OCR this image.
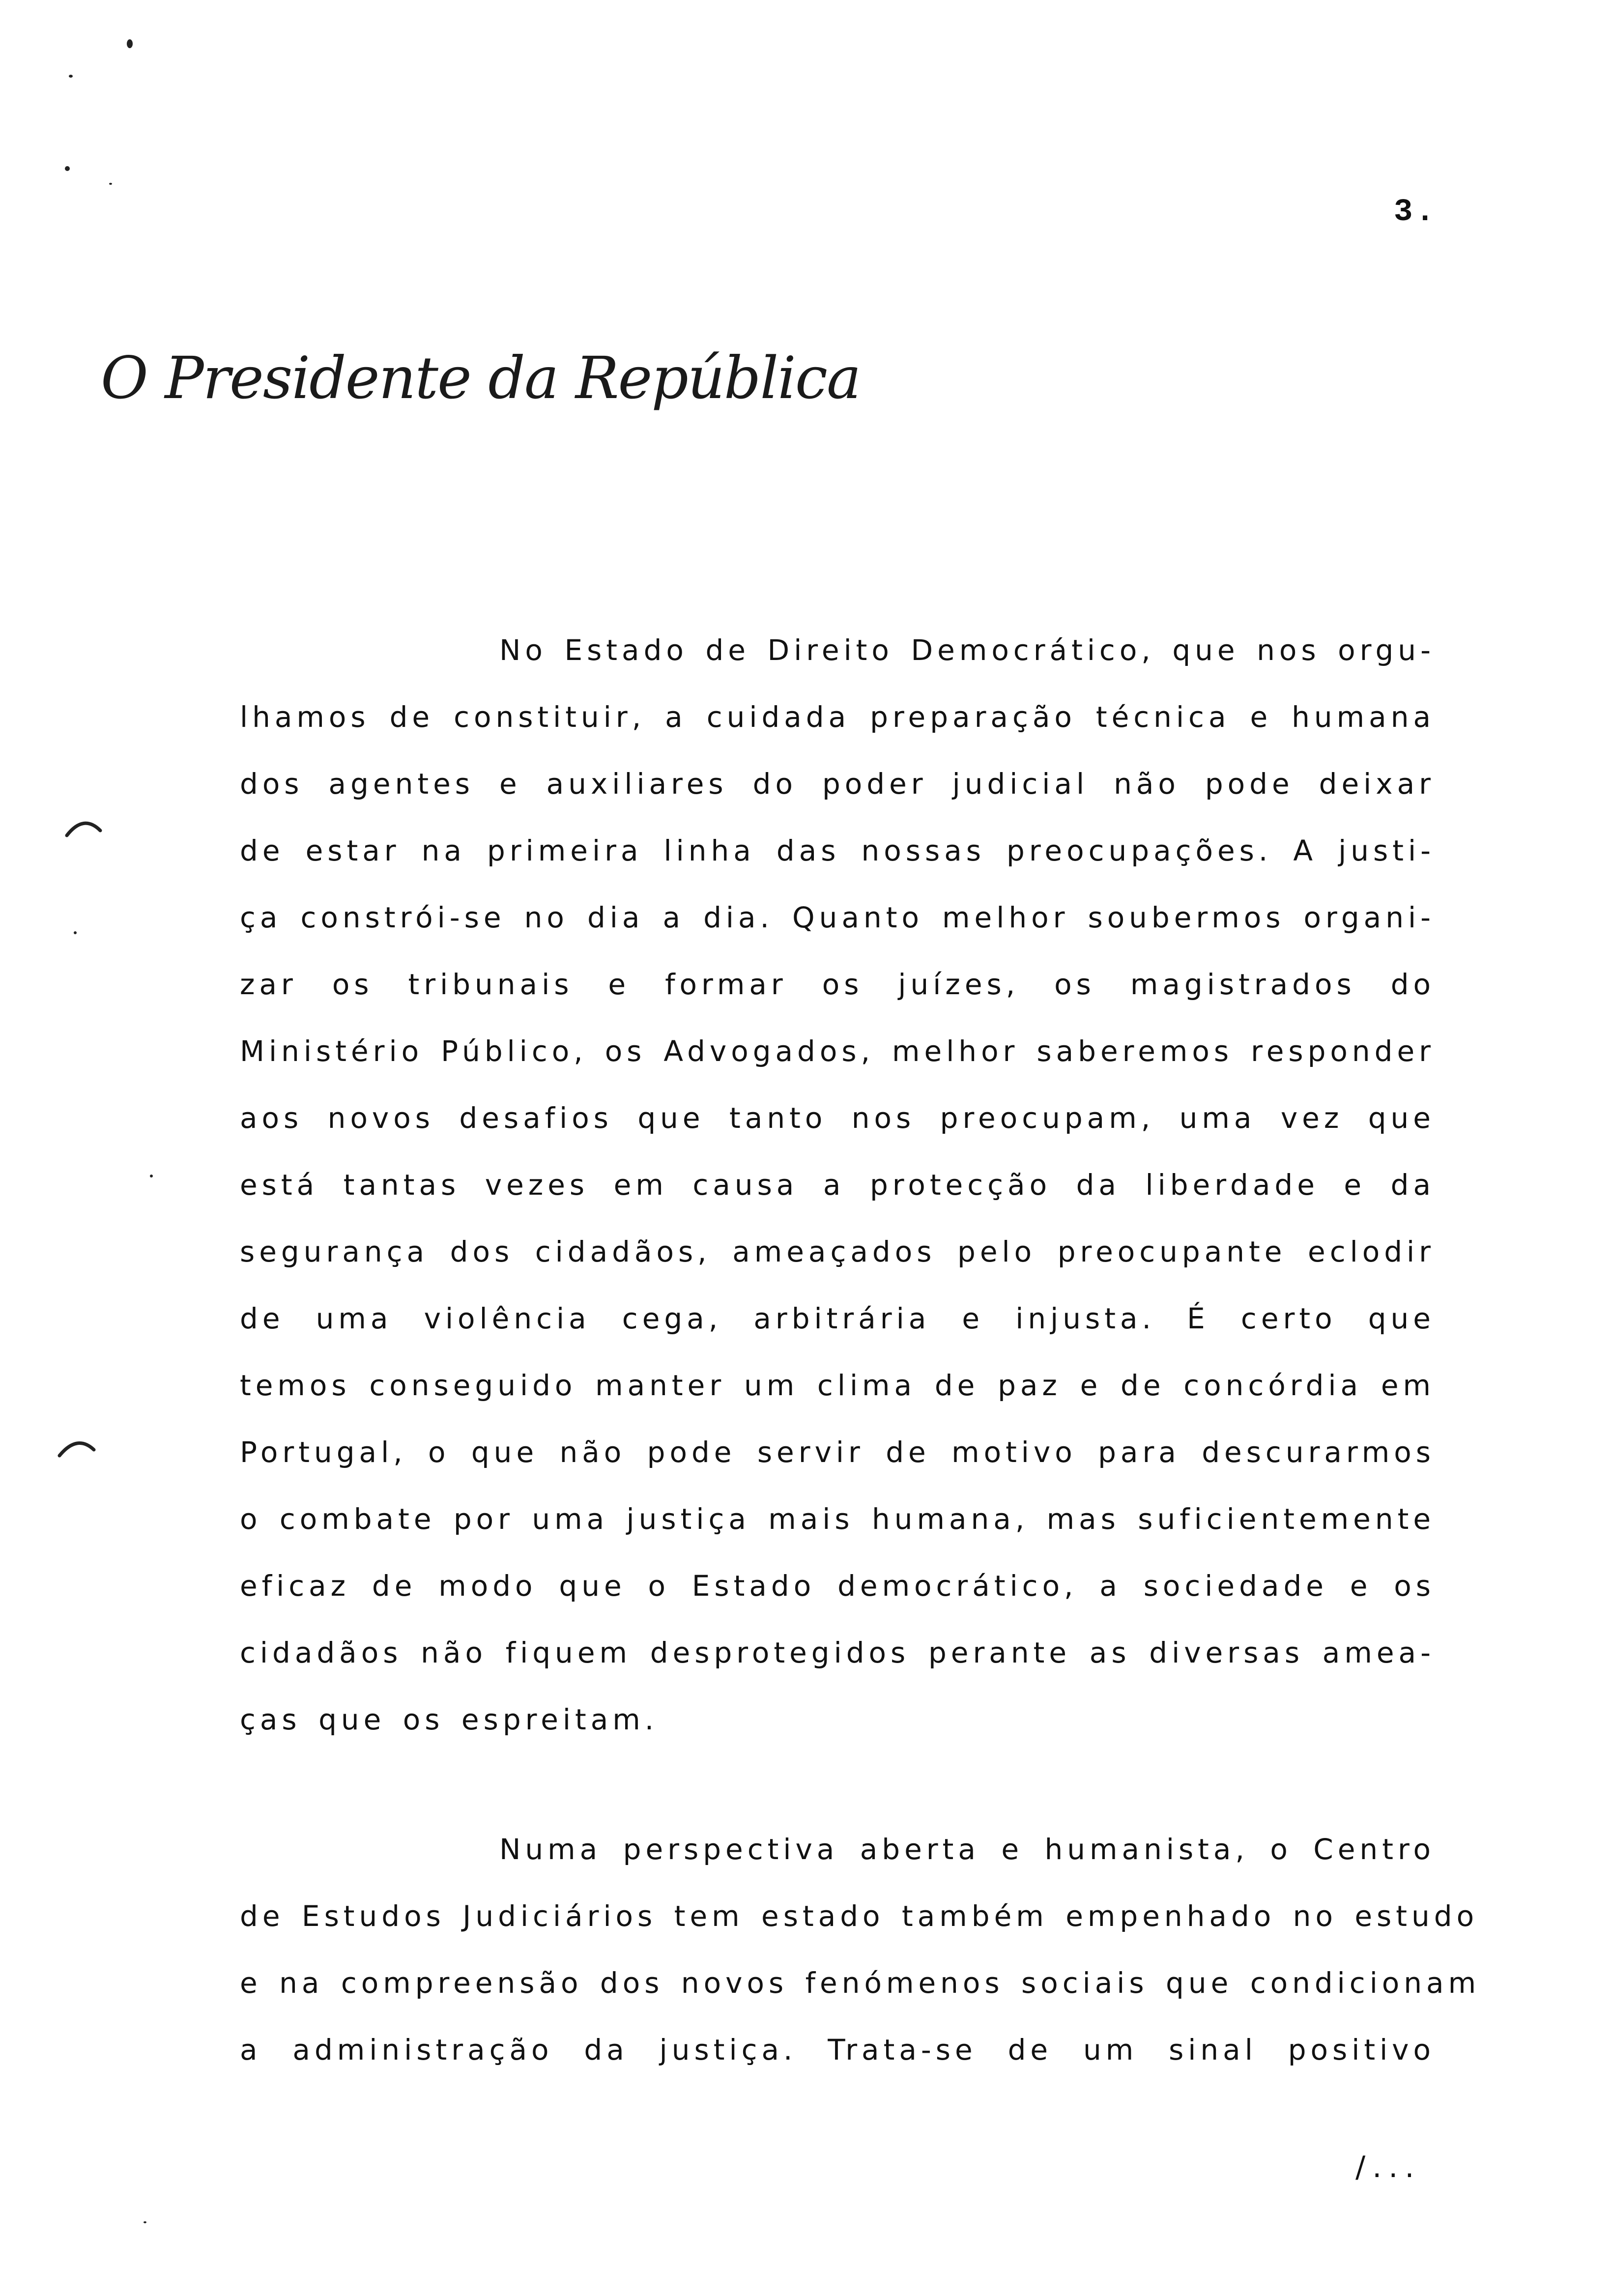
3.
O Presidente da República

No Estado de Direito Democrático, que nos orgu-
lhamos de constituir, a cuidada preparação técnica e humana
dos agentes e auxiliares do poder judicial não pode deixar
de estar na primeira linha das nossas preocupações. A justi-
ça constrói-se no dia a dia. Quanto melhor soubermos organi-
zar os tribunais e formar os juízes, os magistrados do
Ministério Público, os Advogados, melhor saberemos responder
aos novos desafios que tanto nos preocupam, uma vez que
está tantas vezes em causa a protecção da liberdade e da
segurança dos cidadãos, ameaçados pelo preocupante eclodir
de uma violência cega, arbitrária e injusta. É certo que
temos conseguido manter um clima de paz e de concórdia em
Portugal, o que não pode servir de motivo para descurarmos
o combate por uma justiça mais humana, mas suficientemente
eficaz de modo que o Estado democrático, a sociedade e os
cidadãos não fiquem desprotegidos perante as diversas amea-
ças que os espreitam.

Numa perspectiva aberta e humanista, o Centro
de Estudos Judiciários tem estado também empenhado no estudo
e na compreensão dos novos fenómenos sociais que condicionam
a administração da justiça. Trata-se de um sinal positivo

/...
